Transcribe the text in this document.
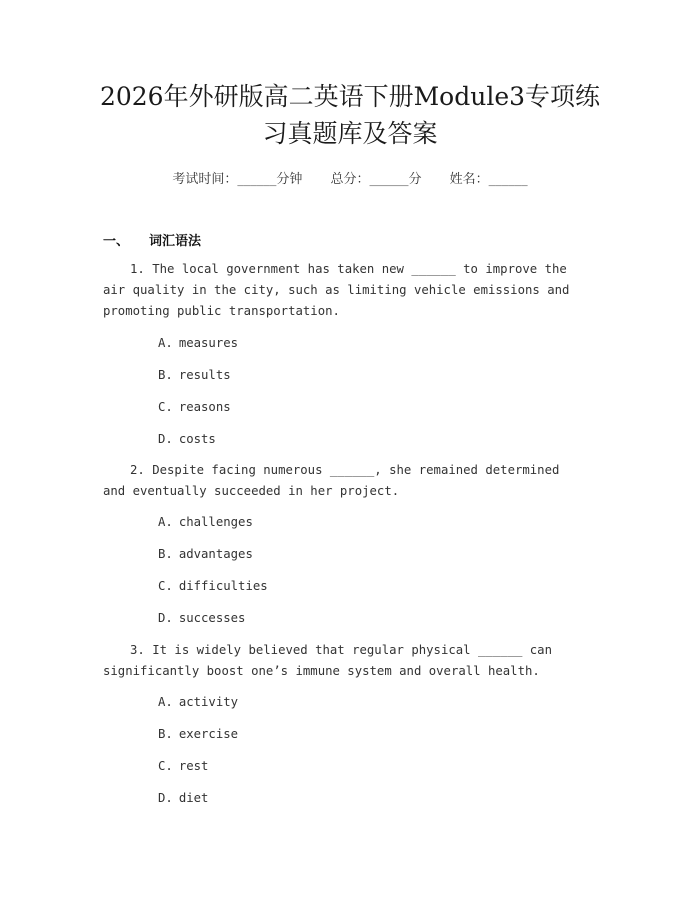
2026年外研版高二英语下册Module3专项练
习真题库及答案
考试时间：______分钟 总分：______分 姓名：______
一、 词汇语法

1. The local government has taken new ______ to improve the air quality in the city, such as limiting vehicle emissions and promoting public transportation.

A. measures
B. results
C. reasons
D. costs

2. Despite facing numerous ______, she remained determined and eventually succeeded in her project.

A. challenges
B. advantages
C. difficulties
D. successes

3. It is widely believed that regular physical ______ can significantly boost one’s immune system and overall health.

A. activity
B. exercise
C. rest
D. diet
